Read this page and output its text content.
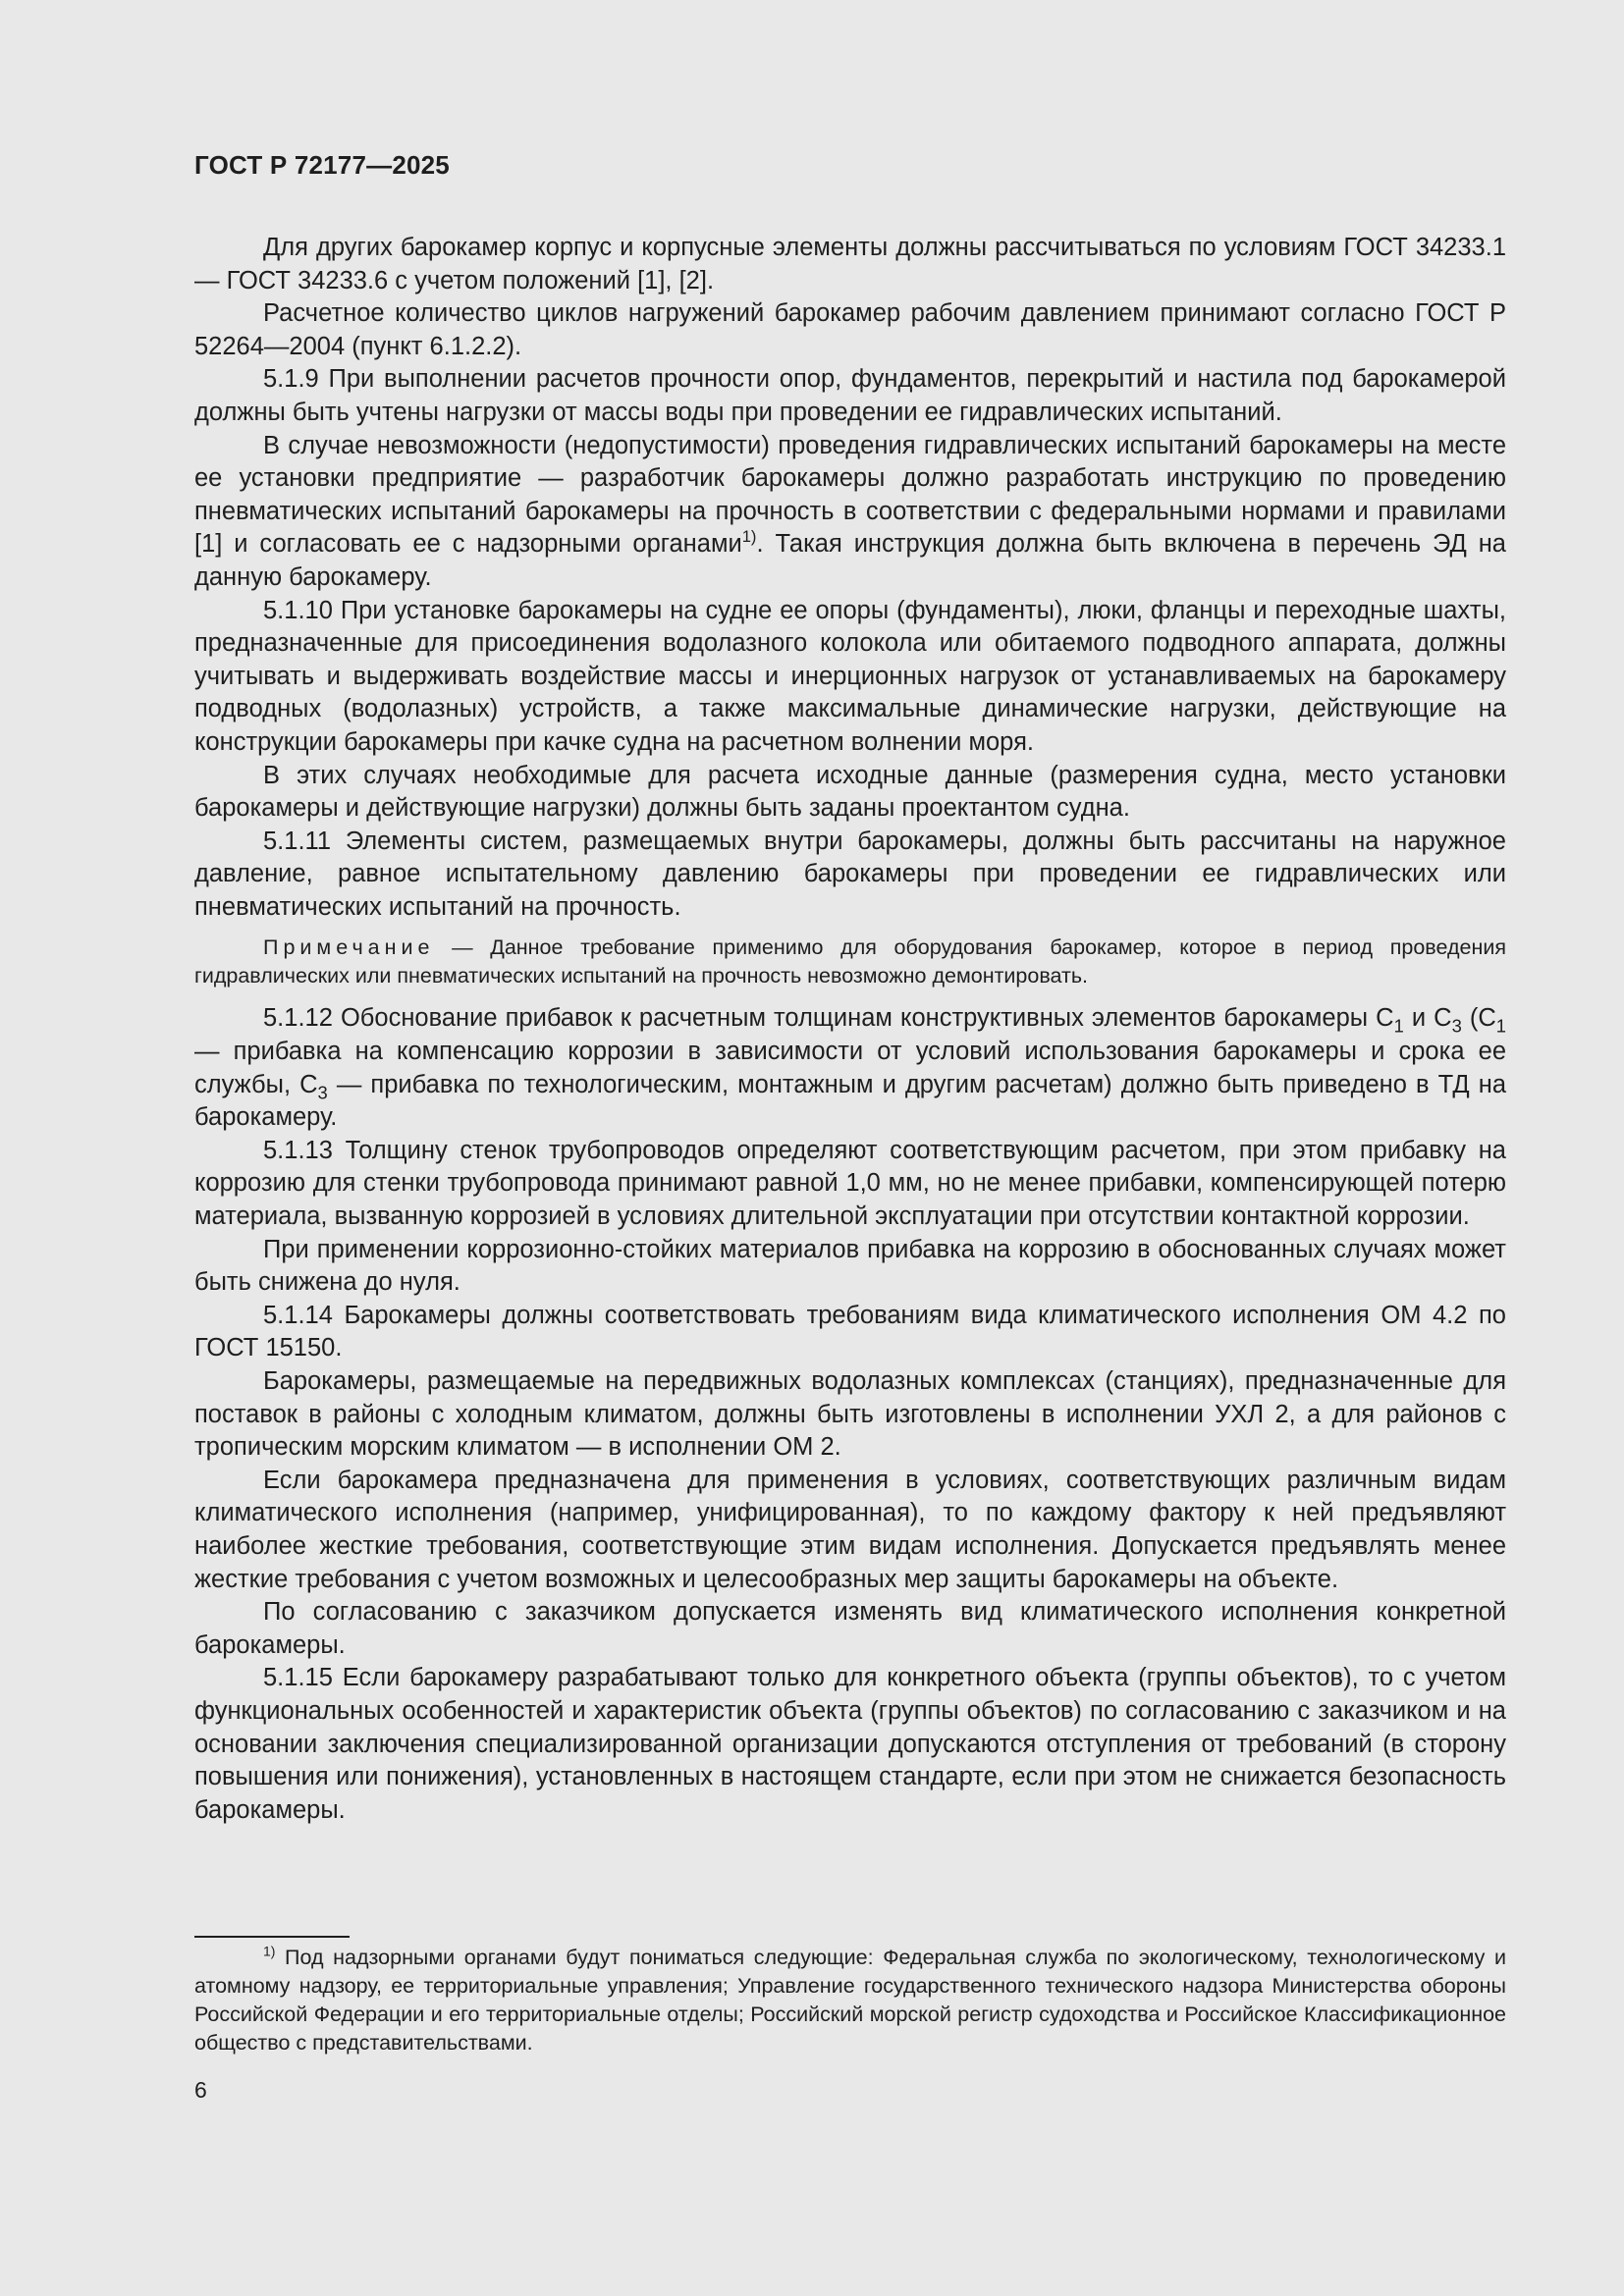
ГОСТ Р 72177—2025

Для других барокамер корпус и корпусные элементы должны рассчитываться по условиям ГОСТ 34233.1 — ГОСТ 34233.6 с учетом положений [1], [2].

Расчетное количество циклов нагружений барокамер рабочим давлением принимают согласно ГОСТ Р 52264—2004 (пункт 6.1.2.2).

5.1.9 При выполнении расчетов прочности опор, фундаментов, перекрытий и настила под барокамерой должны быть учтены нагрузки от массы воды при проведении ее гидравлических испытаний.

В случае невозможности (недопустимости) проведения гидравлических испытаний барокамеры на месте ее установки предприятие — разработчик барокамеры должно разработать инструкцию по проведению пневматических испытаний барокамеры на прочность в соответствии с федеральными нормами и правилами [1] и согласовать ее с надзорными органами$^{1)}$. Такая инструкция должна быть включена в перечень ЭД на данную барокамеру.

5.1.10 При установке барокамеры на судне ее опоры (фундаменты), люки, фланцы и переходные шахты, предназначенные для присоединения водолазного колокола или обитаемого подводного аппарата, должны учитывать и выдерживать воздействие массы и инерционных нагрузок от устанавливаемых на барокамеру подводных (водолазных) устройств, а также максимальные динамические нагрузки, действующие на конструкции барокамеры при качке судна на расчетном волнении моря.

В этих случаях необходимые для расчета исходные данные (размерения судна, место установки барокамеры и действующие нагрузки) должны быть заданы проектантом судна.

5.1.11 Элементы систем, размещаемых внутри барокамеры, должны быть рассчитаны на наружное давление, равное испытательному давлению барокамеры при проведении ее гидравлических или пневматических испытаний на прочность.

Примечание — Данное требование применимо для оборудования барокамер, которое в период проведения гидравлических или пневматических испытаний на прочность невозможно демонтировать.

5.1.12 Обоснование прибавок к расчетным толщинам конструктивных элементов барокамеры $С_1$ и $С_3$ ($С_1$ — прибавка на компенсацию коррозии в зависимости от условий использования барокамеры и срока ее службы, $С_3$ — прибавка по технологическим, монтажным и другим расчетам) должно быть приведено в ТД на барокамеру.

5.1.13 Толщину стенок трубопроводов определяют соответствующим расчетом, при этом прибавку на коррозию для стенки трубопровода принимают равной 1,0 мм, но не менее прибавки, компенсирующей потерю материала, вызванную коррозией в условиях длительной эксплуатации при отсутствии контактной коррозии.

При применении коррозионно-стойких материалов прибавка на коррозию в обоснованных случаях может быть снижена до нуля.

5.1.14 Барокамеры должны соответствовать требованиям вида климатического исполнения ОМ 4.2 по ГОСТ 15150.

Барокамеры, размещаемые на передвижных водолазных комплексах (станциях), предназначенные для поставок в районы с холодным климатом, должны быть изготовлены в исполнении УХЛ 2, а для районов с тропическим морским климатом — в исполнении ОМ 2.

Если барокамера предназначена для применения в условиях, соответствующих различным видам климатического исполнения (например, унифицированная), то по каждому фактору к ней предъявляют наиболее жесткие требования, соответствующие этим видам исполнения. Допускается предъявлять менее жесткие требования с учетом возможных и целесообразных мер защиты барокамеры на объекте.

По согласованию с заказчиком допускается изменять вид климатического исполнения конкретной барокамеры.

5.1.15 Если барокамеру разрабатывают только для конкретного объекта (группы объектов), то с учетом функциональных особенностей и характеристик объекта (группы объектов) по согласованию с заказчиком и на основании заключения специализированной организации допускаются отступления от требований (в сторону повышения или понижения), установленных в настоящем стандарте, если при этом не снижается безопасность барокамеры.

$^{1)}$ Под надзорными органами будут пониматься следующие: Федеральная служба по экологическому, технологическому и атомному надзору, ее территориальные управления; Управление государственного технического надзора Министерства обороны Российской Федерации и его территориальные отделы; Российский морской регистр судоходства и Российское Классификационное общество с представительствами.

6
